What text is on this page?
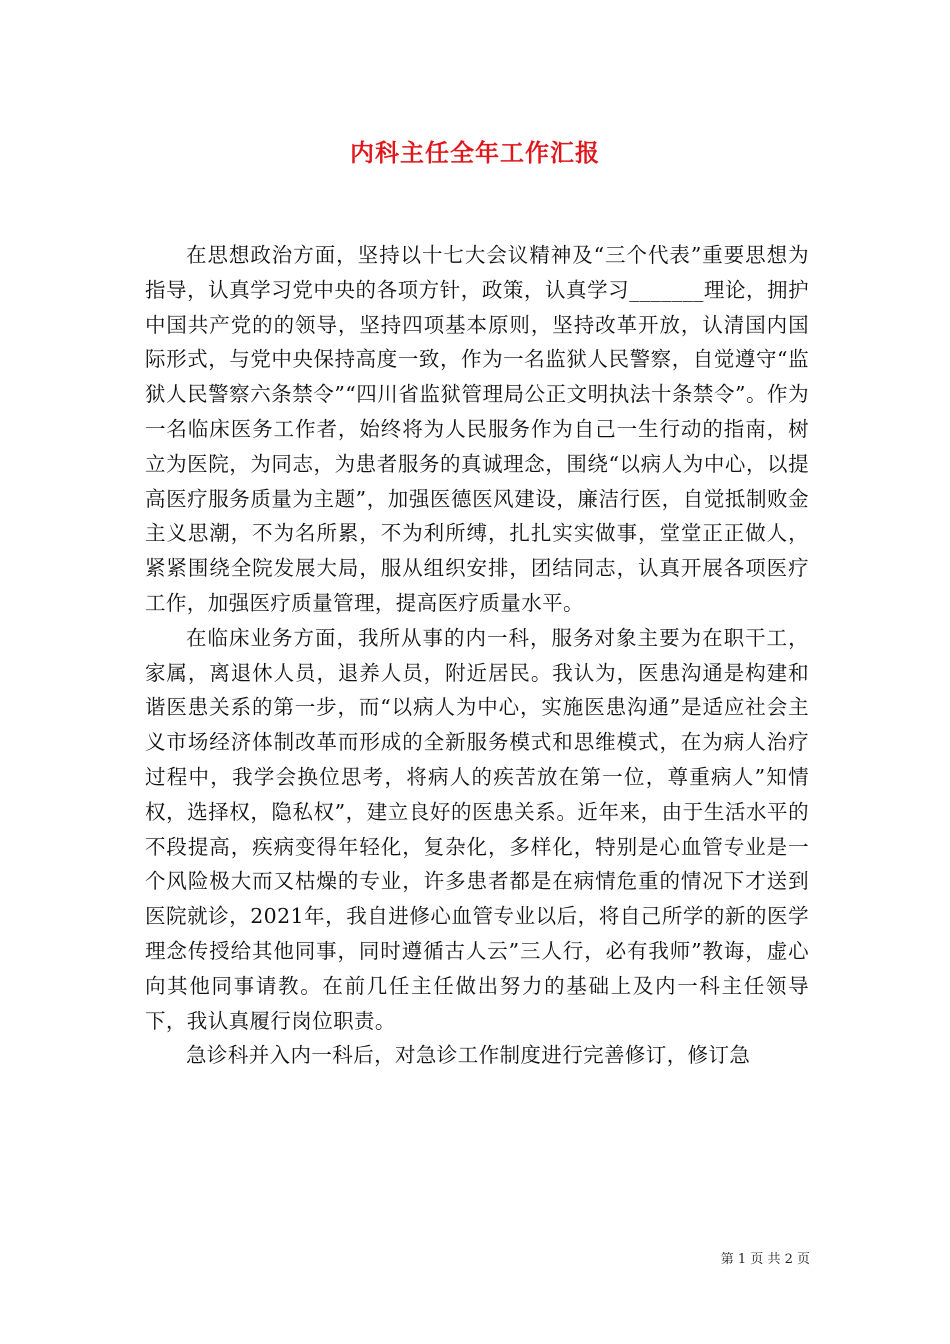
内科主任全年工作汇报

在思想政治方面，坚持以十七大会议精神及“三个代表”重要思想为指导，认真学习党中央的各项方针，政策，认真学习_______理论，拥护中国共产党的的领导，坚持四项基本原则，坚持改革开放，认清国内国际形式，与党中央保持高度一致，作为一名监狱人民警察，自觉遵守“监狱人民警察六条禁令”“四川省监狱管理局公正文明执法十条禁令”。作为一名临床医务工作者，始终将为人民服务作为自己一生行动的指南，树立为医院，为同志，为患者服务的真诚理念，围绕“以病人为中心，以提高医疗服务质量为主题”，加强医德医风建设，廉洁行医，自觉抵制败金主义思潮，不为名所累，不为利所缚，扎扎实实做事，堂堂正正做人，紧紧围绕全院发展大局，服从组织安排，团结同志，认真开展各项医疗工作，加强医疗质量管理，提高医疗质量水平。

在临床业务方面，我所从事的内一科，服务对象主要为在职干工，家属，离退休人员，退养人员，附近居民。我认为，医患沟通是构建和谐医患关系的第一步，而“以病人为中心，实施医患沟通”是适应社会主义市场经济体制改革而形成的全新服务模式和思维模式，在为病人治疗过程中，我学会换位思考，将病人的疾苦放在第一位，尊重病人”知情权，选择权，隐私权”，建立良好的医患关系。近年来，由于生活水平的不段提高，疾病变得年轻化，复杂化，多样化，特别是心血管专业是一个风险极大而又枯燥的专业，许多患者都是在病情危重的情况下才送到医院就诊，2021年，我自进修心血管专业以后，将自己所学的新的医学理念传授给其他同事，同时遵循古人云”三人行，必有我师”教诲，虚心向其他同事请教。在前几任主任做出努力的基础上及内一科主任领导下，我认真履行岗位职责。

急诊科并入内一科后，对急诊工作制度进行完善修订，修订急

第 1 页 共 2 页
